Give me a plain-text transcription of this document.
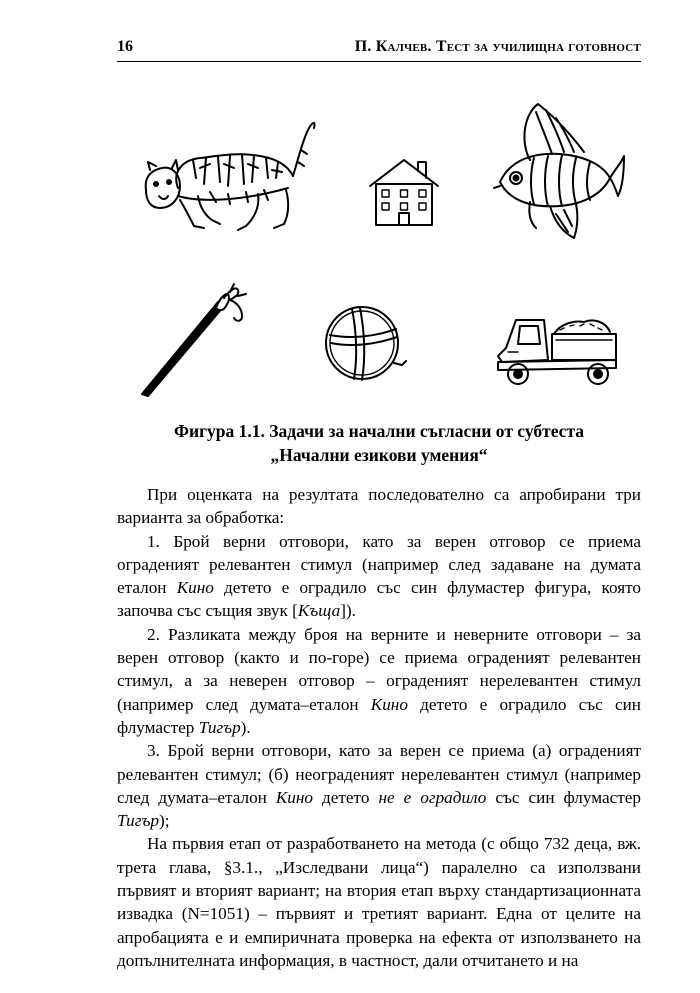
16	П. Калчев. Тест за училищна готовност
Фигура 1.1. Задачи за начални съгласни от субтеста
„Начални езикови умения“

При оценката на резултата последователно са апробирани три варианта за обработка:

1. Брой верни отговори, като за верен отговор се приема ограденият релевантен стимул (например след задаване на думата еталон Кино детето е оградило със син флумастер фигура, която започва със същия звук [Къща]).

2. Разликата между броя на верните и неверните отговори – за верен отговор (както и по-горе) се приема ограденият релевантен стимул, а за неверен отговор – ограденият нерелевантен стимул (например след думата–еталон Кино детето е оградило със син флумастер Тигър).

3. Брой верни отговори, като за верен се приема (а) ограденият релевантен стимул; (б) неограденият нерелевантен стимул (например след думата–еталон Кино детето не е оградило със син флумастер Тигър);

На първия етап от разработването на метода (с общо 732 деца, вж. трета глава, §3.1., „Изследвани лица“) паралелно са използвани първият и вторият вариант; на втория етап върху стандартизационната извадка (N=1051) – първият и третият вариант. Една от целите на апробацията е и емпиричната проверка на ефекта от използването на допълнителната информация, в частност, дали отчитането и на
